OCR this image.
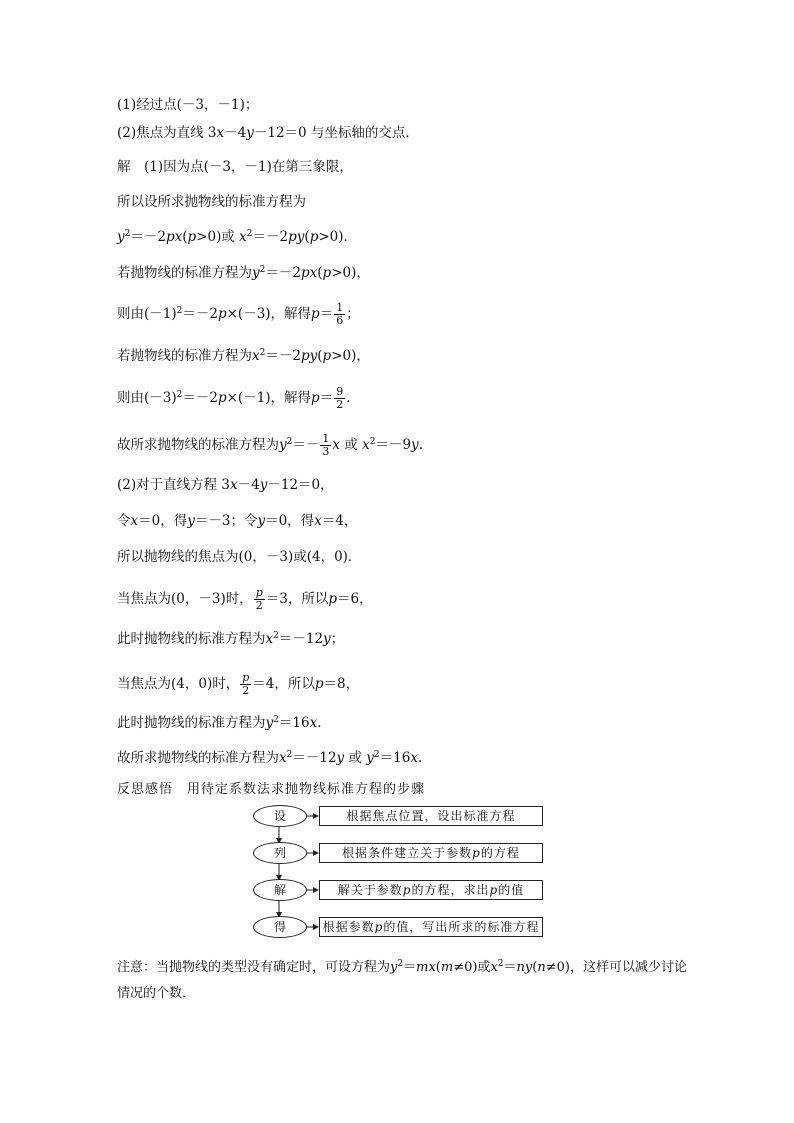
(1)经过点(－3，－1)；
(2)焦点为直线 3x－4y－12＝0 与坐标轴的交点．
解　(1)因为点(－3，－1)在第三象限，
所以设所求抛物线的标准方程为
$y^2=-2px(p>0)$或 $x^2=-2py(p>0)$．
若抛物线的标准方程为$y^2=-2px(p>0)$，
则由$(-1)^2=-2p\times(-3)$，解得$p= \frac{1}{6}$ ；
若抛物线的标准方程为$x^2=-2py(p>0)$，
则由$(-3)^2=-2p\times(-1)$，解得$p= \frac{9}{2}$ .
故所求抛物线的标准方程为$y^2=- \frac{1}{3}$ x 或 $x^2=-9y$.
(2)对于直线方程 3x－4y－12＝0，
令x＝0，得y＝－3；令y＝0，得x＝4，
所以抛物线的焦点为(0，－3)或(4，0)．
当焦点为(0，－3)时， $\frac{p}{2} =3$，所以p＝6，
此时抛物线的标准方程为$x^2=-12y$；
当焦点为(4，0)时， $\frac{p}{2} =4$，所以p＝8，
此时抛物线的标准方程为$y^2=16x$.
故所求抛物线的标准方程为$x^2=-12y$ 或 $y^2=16x$.
反思感悟　用待定系数法求抛物线标准方程的步骤
设	根据焦点位置，设出标准方程
列	根据条件建立关于参数p的方程
解	解关于参数p的方程，求出p的值
得	根据参数p的值，写出所求的标准方程
注意：当抛物线的类型没有确定时，可设方程为$y^2=mx(m\ne 0)$或$x^2=ny(n\ne 0)$，这样可以减少讨论情况的个数．
